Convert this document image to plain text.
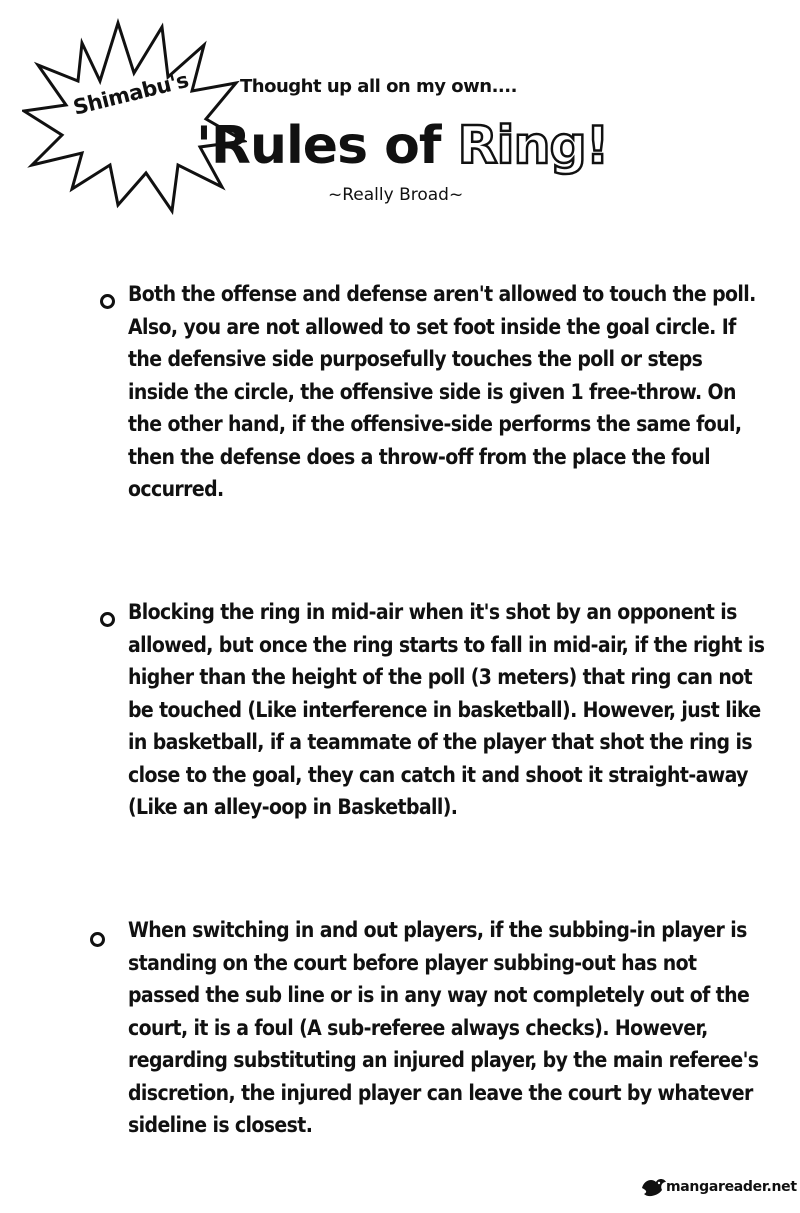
Shimabu's	Thought up all on my own....
'Rules of Ring!
~Really Broad~

Both the offense and defense aren't allowed to touch the poll. Also, you are not allowed to set foot inside the goal circle. If the defensive side purposefully touches the poll or steps inside the circle, the offensive side is given 1 free-throw. On the other hand, if the offensive-side performs the same foul, then the defense does a throw-off from the place the foul occurred.

Blocking the ring in mid-air when it's shot by an opponent is allowed, but once the ring starts to fall in mid-air, if the right is higher than the height of the poll (3 meters) that ring can not be touched (Like interference in basketball). However, just like in basketball, if a teammate of the player that shot the ring is close to the goal, they can catch it and shoot it straight-away (Like an alley-oop in Basketball).

When switching in and out players, if the subbing-in player is standing on the court before player subbing-out has not passed the sub line or is in any way not completely out of the court, it is a foul (A sub-referee always checks). However, regarding substituting an injured player, by the main referee's discretion, the injured player can leave the court by whatever sideline is closest.

mangareader.net
